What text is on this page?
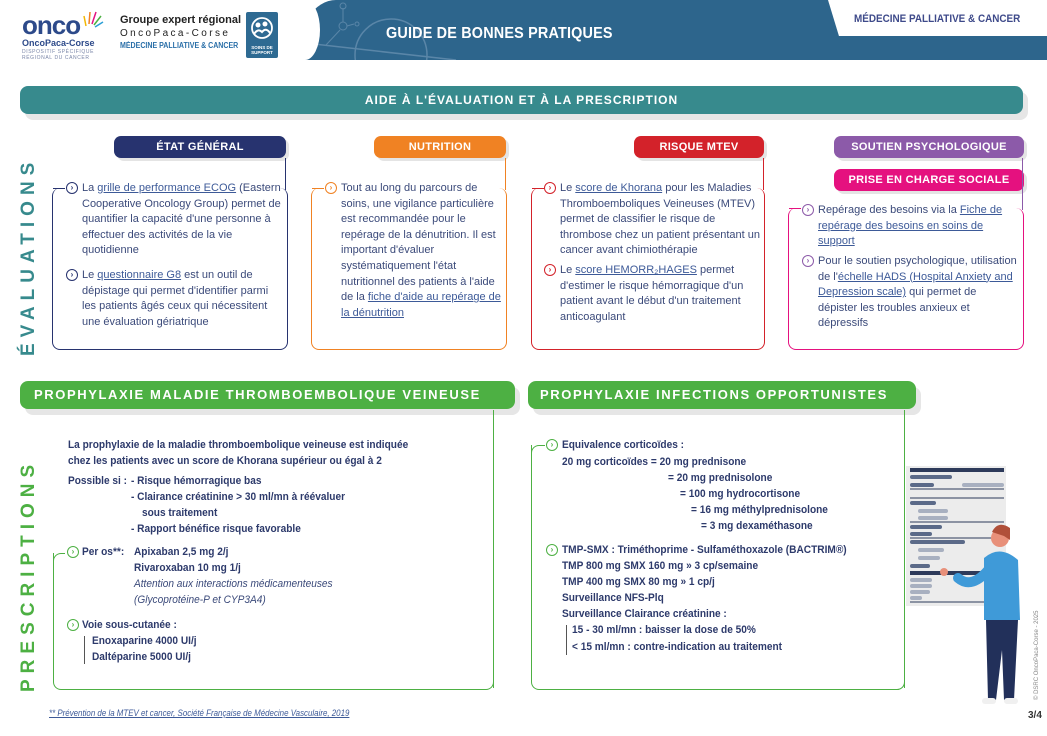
onco
OncoPaca-Corse
DISPOSITIF SPÉCIFIQUE
RÉGIONAL DU CANCER
Groupe expert régional
OncoPaca-Corse
MÉDECINE PALLIATIVE & CANCER	SOINS DE
SUPPORT
GUIDE DE BONNES PRATIQUES
MÉDECINE PALLIATIVE & CANCER
AIDE À L'ÉVALUATION ET À LA PRESCRIPTION
ÉVALUATIONS
PRESCRIPTIONS
ÉTAT GÉNÉRAL	NUTRITION	RISQUE MTEV	SOUTIEN PSYCHOLOGIQUE
PRISE EN CHARGE SOCIALE
› La grille de performance ECOG (Eastern Cooperative Oncology Group) permet de quantifier la capacité d'une personne à effectuer des activités de la vie quotidienne
› Le questionnaire G8 est un outil de dépistage qui permet d'identifier parmi les patients âgés ceux qui nécessitent une évaluation gériatrique
› Tout au long du parcours de soins, une vigilance particulière est recommandée pour le repérage de la dénutrition. Il est important d'évaluer systématiquement l'état nutritionnel des patients à l'aide de la fiche d'aide au repérage de la dénutrition
› Le score de Khorana pour les Maladies Thromboemboliques Veineuses (MTEV) permet de classifier le risque de thrombose chez un patient présentant un cancer avant chimiothérapie
› Le score HEMORR₂HAGES permet d'estimer le risque hémorragique d'un patient avant le début d'un traitement anticoagulant
› Repérage des besoins via la Fiche de repérage des besoins en soins de support
› Pour le soutien psychologique, utilisation de l'échelle HADS (Hospital Anxiety and Depression scale) qui permet de dépister les troubles anxieux et dépressifs
PROPHYLAXIE MALADIE THROMBOEMBOLIQUE VEINEUSE	PROPHYLAXIE INFECTIONS OPPORTUNISTES
La prophylaxie de la maladie thromboembolique veineuse est indiquée
chez les patients avec un score de Khorana supérieur ou égal à 2
Possible si : - Risque hémorragique bas
- Clairance créatinine > 30 ml/mn à réévaluer
sous traitement
- Rapport bénéfice risque favorable
› Per os**: Apixaban 2,5 mg 2/j
Rivaroxaban 10 mg 1/j
Attention aux interactions médicamenteuses
(Glycoprotéine-P et CYP3A4)
› Voie sous-cutanée :
Enoxaparine 4000 UI/j
Daltéparine 5000 UI/j
› Equivalence corticoïdes :
20 mg corticoïdes = 20 mg prednisone
= 20 mg prednisolone
= 100 mg hydrocortisone
= 16 mg méthylprednisolone
= 3 mg dexaméthasone
› TMP-SMX : Triméthoprime - Sulfaméthoxazole (BACTRIM®)
TMP 800 mg SMX 160 mg » 3 cp/semaine
TMP 400 mg SMX 80 mg » 1 cp/j
Surveillance NFS-Plq
Surveillance Clairance créatinine :
15 - 30 ml/mn : baisser la dose de 50%
< 15 ml/mn : contre-indication au traitement
** Prévention de la MTEV et cancer, Société Française de Médecine Vasculaire, 2019
© DSRC OncoPaca-Corse - 2025
3/4
